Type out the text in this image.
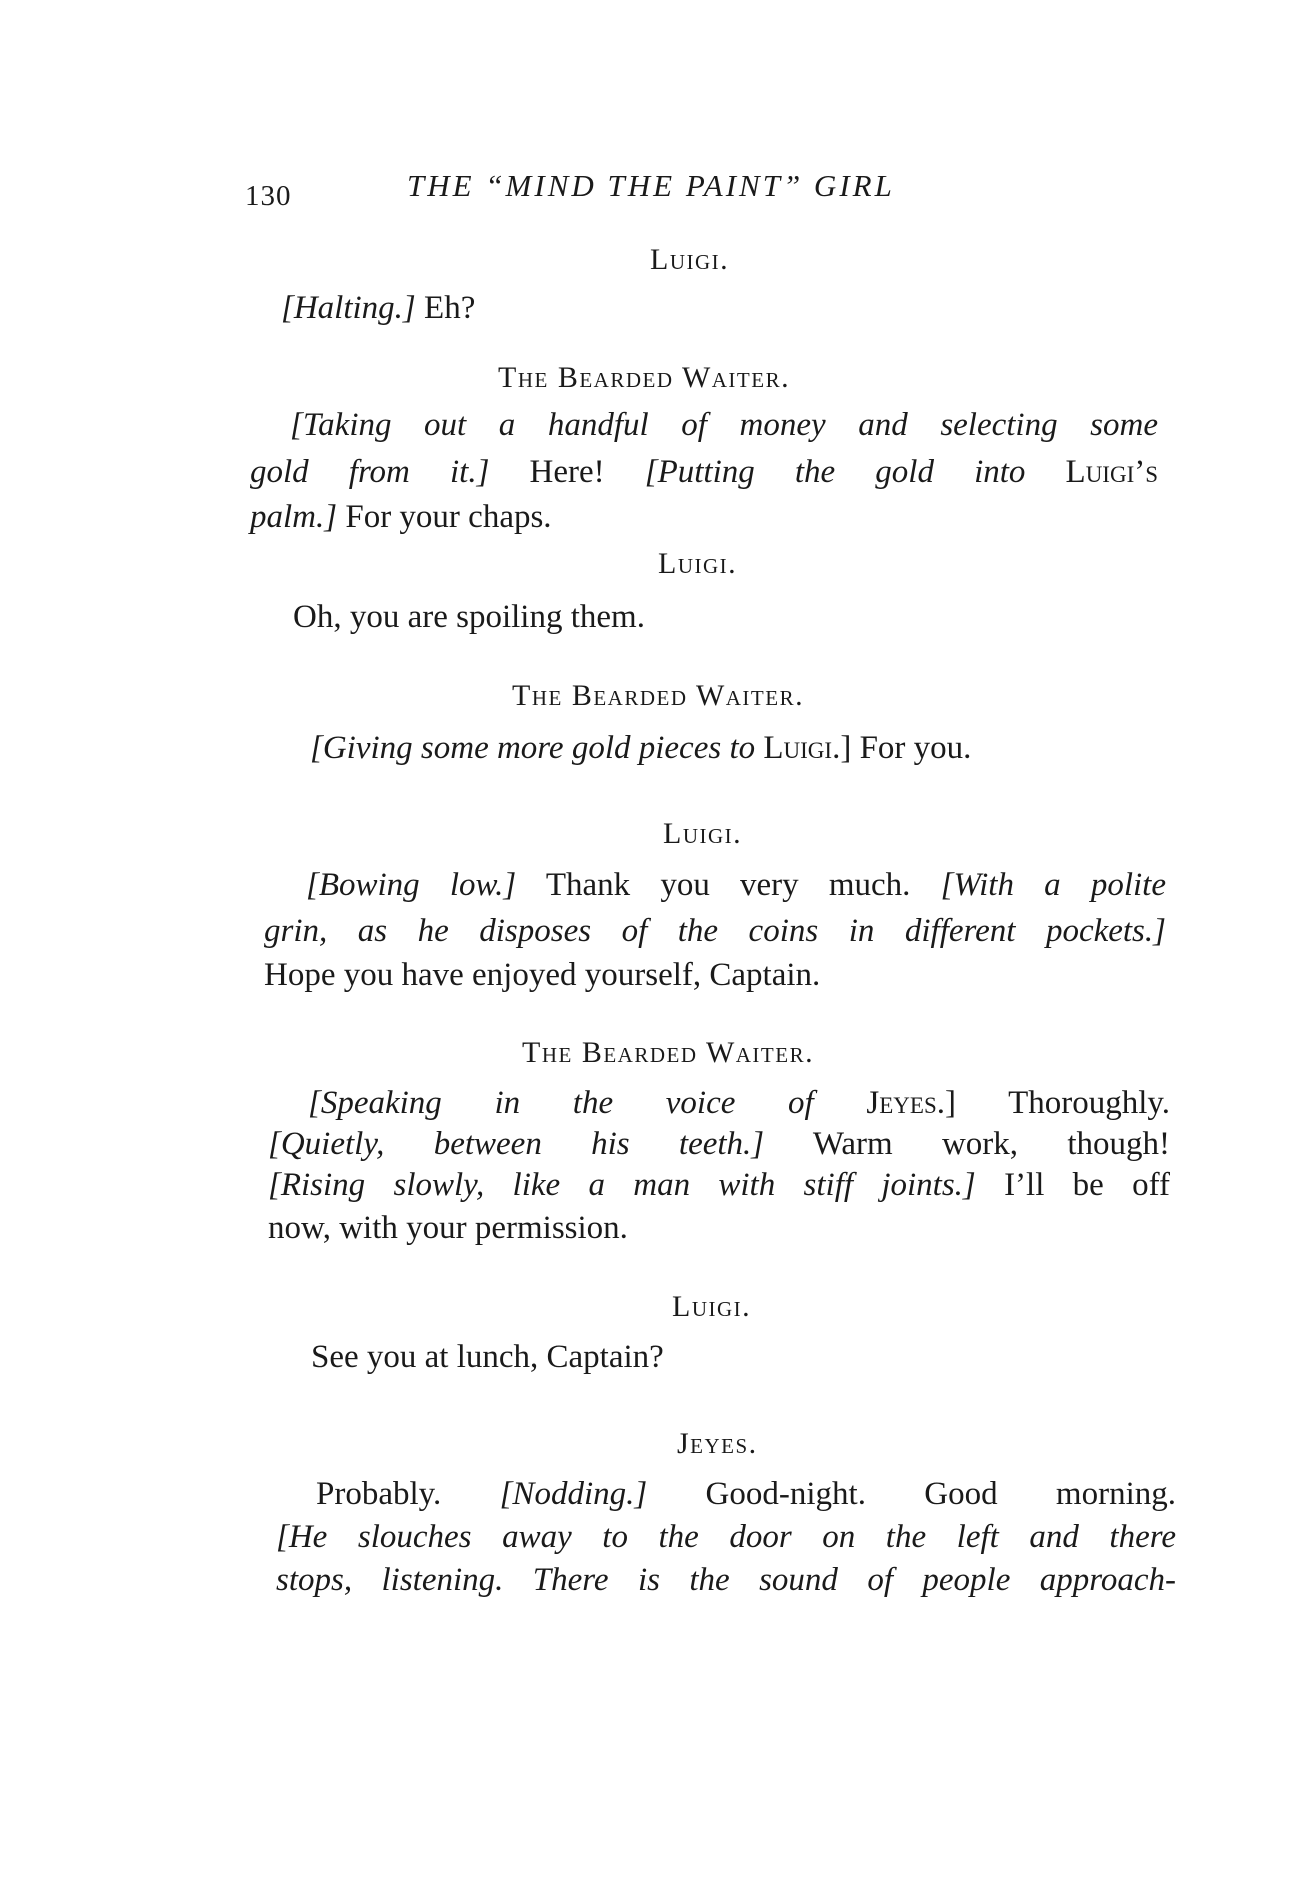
130	THE “MIND THE PAINT” GIRL
Luigi.
[Halting.] Eh?
The Bearded Waiter.
[Taking out a handful of money and selecting some
gold from it.] Here! [Putting the gold into Luigi’s
palm.] For your chaps.
Luigi.
Oh, you are spoiling them.
The Bearded Waiter.
[Giving some more gold pieces to Luigi.] For you.
Luigi.
[Bowing low.] Thank you very much. [With a polite
grin, as he disposes of the coins in different pockets.]
Hope you have enjoyed yourself, Captain.
The Bearded Waiter.
[Speaking in the voice of Jeyes.] Thoroughly.
[Quietly, between his teeth.] Warm work, though!
[Rising slowly, like a man with stiff joints.] I’ll be off
now, with your permission.
Luigi.
See you at lunch, Captain?
Jeyes.
Probably. [Nodding.] Good-night. Good morning.
[He slouches away to the door on the left and there
stops, listening. There is the sound of people approach-
